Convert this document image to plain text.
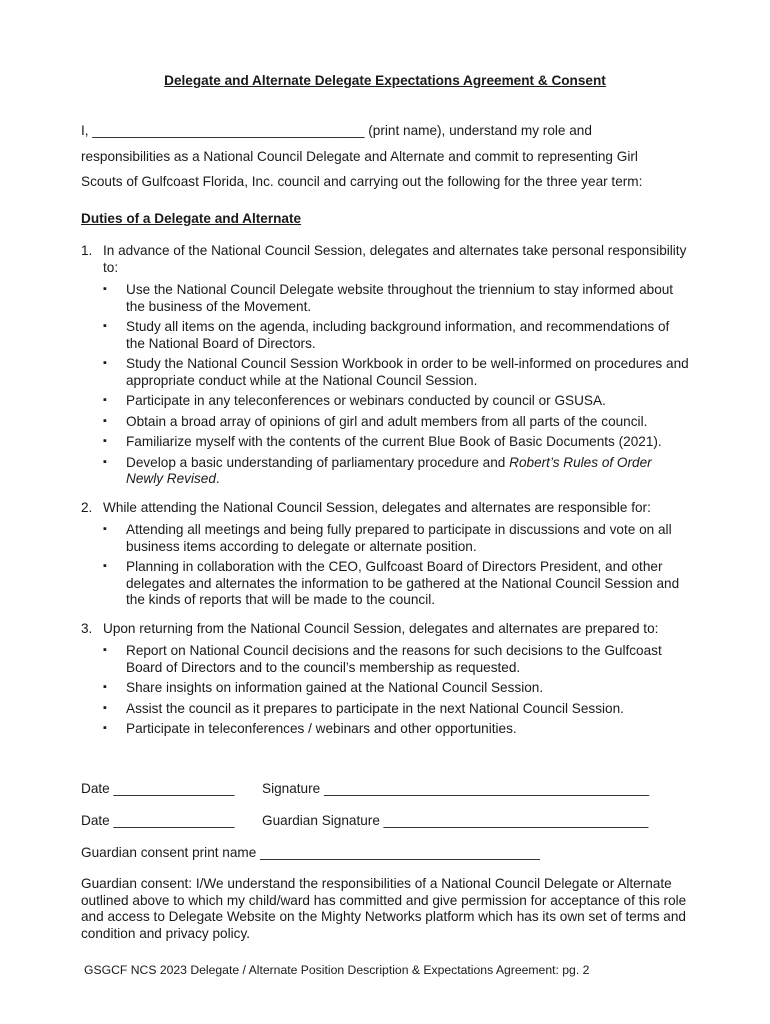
Delegate and Alternate Delegate Expectations Agreement & Consent
I, ____________________________________ (print name), understand my role and
responsibilities as a National Council Delegate and Alternate and commit to representing Girl
Scouts of Gulfcoast Florida, Inc. council and carrying out the following for the three year term:
Duties of a Delegate and Alternate
1. In advance of the National Council Session, delegates and alternates take personal responsibility to:
▪ Use the National Council Delegate website throughout the triennium to stay informed about the business of the Movement.
▪ Study all items on the agenda, including background information, and recommendations of the National Board of Directors.
▪ Study the National Council Session Workbook in order to be well-informed on procedures and appropriate conduct while at the National Council Session.
▪ Participate in any teleconferences or webinars conducted by council or GSUSA.
▪ Obtain a broad array of opinions of girl and adult members from all parts of the council.
▪ Familiarize myself with the contents of the current Blue Book of Basic Documents (2021).
▪ Develop a basic understanding of parliamentary procedure and Robert’s Rules of Order Newly Revised.
2. While attending the National Council Session, delegates and alternates are responsible for:
▪ Attending all meetings and being fully prepared to participate in discussions and vote on all business items according to delegate or alternate position.
▪ Planning in collaboration with the CEO, Gulfcoast Board of Directors President, and other delegates and alternates the information to be gathered at the National Council Session and the kinds of reports that will be made to the council.
3. Upon returning from the National Council Session, delegates and alternates are prepared to:
▪ Report on National Council decisions and the reasons for such decisions to the Gulfcoast Board of Directors and to the council’s membership as requested.
▪ Share insights on information gained at the National Council Session.
▪ Assist the council as it prepares to participate in the next National Council Session.
▪ Participate in teleconferences / webinars and other opportunities.
Date ________________ Signature ___________________________________________
Date ________________ Guardian Signature ___________________________________
Guardian consent print name _____________________________________
Guardian consent: I/We understand the responsibilities of a National Council Delegate or Alternate outlined above to which my child/ward has committed and give permission for acceptance of this role and access to Delegate Website on the Mighty Networks platform which has its own set of terms and condition and privacy policy.
GSGCF NCS 2023 Delegate / Alternate Position Description & Expectations Agreement: pg. 2
